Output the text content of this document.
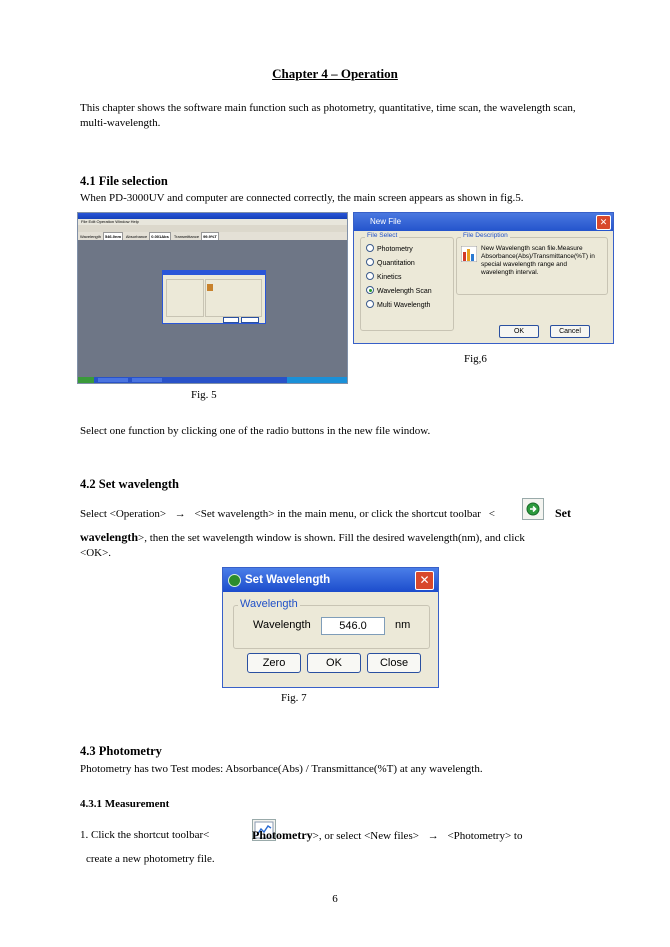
Chapter 4 – Operation
This chapter shows the software main function such as photometry, quantitative, time scan, the wavelength scan, multi-wavelength.
4.1 File selection
When PD-3000UV and computer are connected correctly, the main screen appears as shown in fig.5.
File Edit Operation Window Help
Wavelength 546.0nm Absorbance 0.001Abs Transmittance 99.9%T
New File	✕
File Select
Photometry
Quantitation
Kinetics
Wavelength Scan
Multi Wavelength
File Description
New Wavelength scan file.Measure Absorbance(Abs)/Transmittance(%T) in special wavelength range and wavelength interval.
OK	Cancel
Fig,6
Fig. 5
Select one function by clicking one of the radio buttons in the new file window.
4.2 Set wavelength
Select <Operation> → <Set wavelength> in the main menu, or click the shortcut toolbar <
	Set
wavelength>, then the set wavelength window is shown. Fill the desired wavelength(nm), and click
<OK>.
Set Wavelength	✕
Wavelength
Wavelength	546.0	nm
Zero	OK	Close
Fig. 7
4.3 Photometry
Photometry has two Test modes: Absorbance(Abs) / Transmittance(%T) at any wavelength.
4.3.1 Measurement
1. Click the shortcut toolbar<	Photometry>, or select <New files> → <Photometry> to
create a new photometry file.
6
